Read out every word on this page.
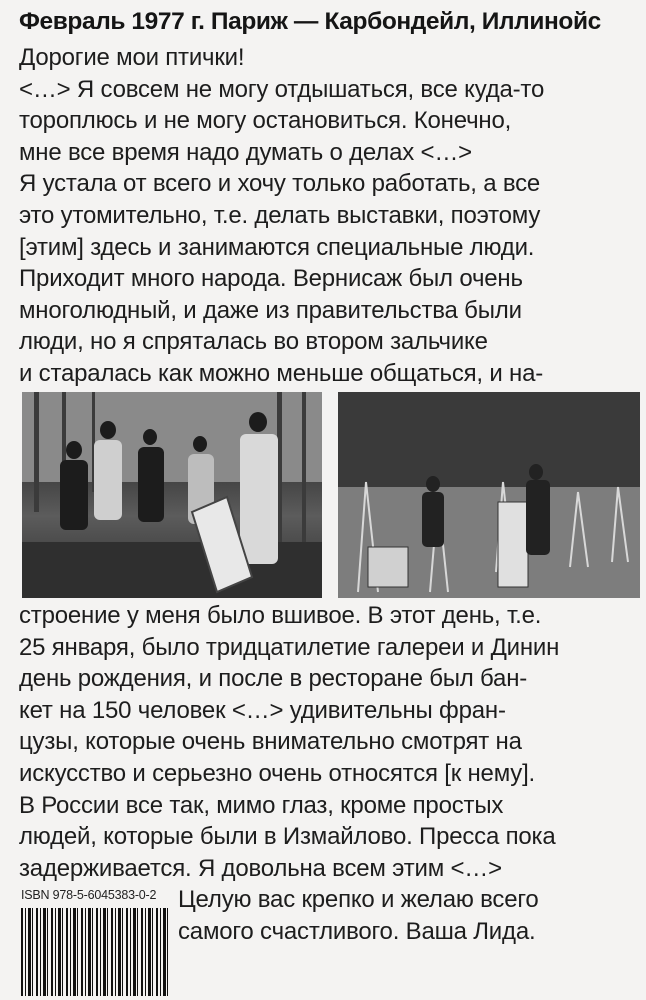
Февраль 1977 г. Париж — Карбондейл, Иллинойс
Дорогие мои птички!
<…> Я совсем не могу отдышаться, все куда-то
тороплюсь и не могу остановиться. Конечно,
мне все время надо думать о делах <…>
Я устала от всего и хочу только работать, а все
это утомительно, т.е. делать выставки, поэтому
[этим] здесь и занимаются специальные люди.
Приходит много народа. Вернисаж был очень
многолюдный, и даже из правительства были
люди, но я спряталась во втором зальчике
и старалась как можно меньше общаться, и на-
строение у меня было вшивое. В этот день, т.е.
25 января, было тридцатилетие галереи и Динин
день рождения, и после в ресторане был бан-
кет на 150 человек <…> удивительны фран-
цузы, которые очень внимательно смотрят на
искусство и серьезно очень относятся [к нему].
В России все так, мимо глаз, кроме простых
людей, которые были в Измайлово. Пресса пока
задерживается. Я довольна всем этим <…>
Целую вас крепко и желаю всего
самого счастливого. Ваша Лида.
ISBN 978-5-6045383-0-2
